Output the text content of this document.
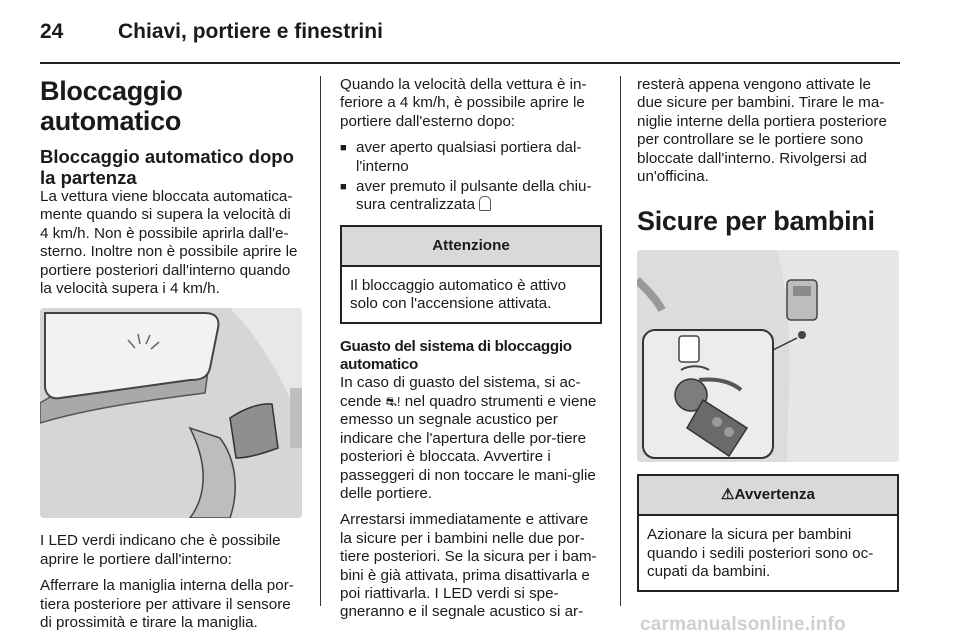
24	Chiavi, portiere e finestrini
Bloccaggio automatico
Bloccaggio automatico dopo la partenza

La vettura viene bloccata automatica-mente quando si supera la velocità di 4 km/h. Non è possibile aprirla dall'e-sterno. Inoltre non è possibile aprire le portiere posteriori dall'interno quando la velocità supera i 4 km/h.

I LED verdi indicano che è possibile aprire le portiere dall'interno:

Afferrare la maniglia interna della por-tiera posteriore per attivare il sensore di prossimità e tirare la maniglia.

Quando la velocità della vettura è in-feriore a 4 km/h, è possibile aprire le portiere dall'esterno dopo:

■ aver aperto qualsiasi portiera dal-l'interno
■ aver premuto il pulsante della chiu-sura centralizzata
Attenzione
Il bloccaggio automatico è attivo solo con l'accensione attivata.
Guasto del sistema di bloccaggio automatico

In caso di guasto del sistema, si ac-cende ⛐! nel quadro strumenti e viene emesso un segnale acustico per indicare che l'apertura delle por-tiere posteriori è bloccata. Avvertire i passeggeri di non toccare le mani-glie delle portiere.

Arrestarsi immediatamente e attivare la sicure per i bambini nelle due por-tiere posteriori. Se la sicura per i bam-bini è già attivata, prima disattivarla e poi riattivarla. I LED verdi si spe-gneranno e il segnale acustico si ar-

resterà appena vengono attivate le due sicure per bambini. Tirare le ma-niglie interne della portiera posteriore per controllare se le portiere sono bloccate dall'interno. Rivolgersi ad un'officina.

Sicure per bambini
⚠Avvertenza
Azionare la sicura per bambini quando i sedili posteriori sono oc-cupati da bambini.
carmanualsonline.info
